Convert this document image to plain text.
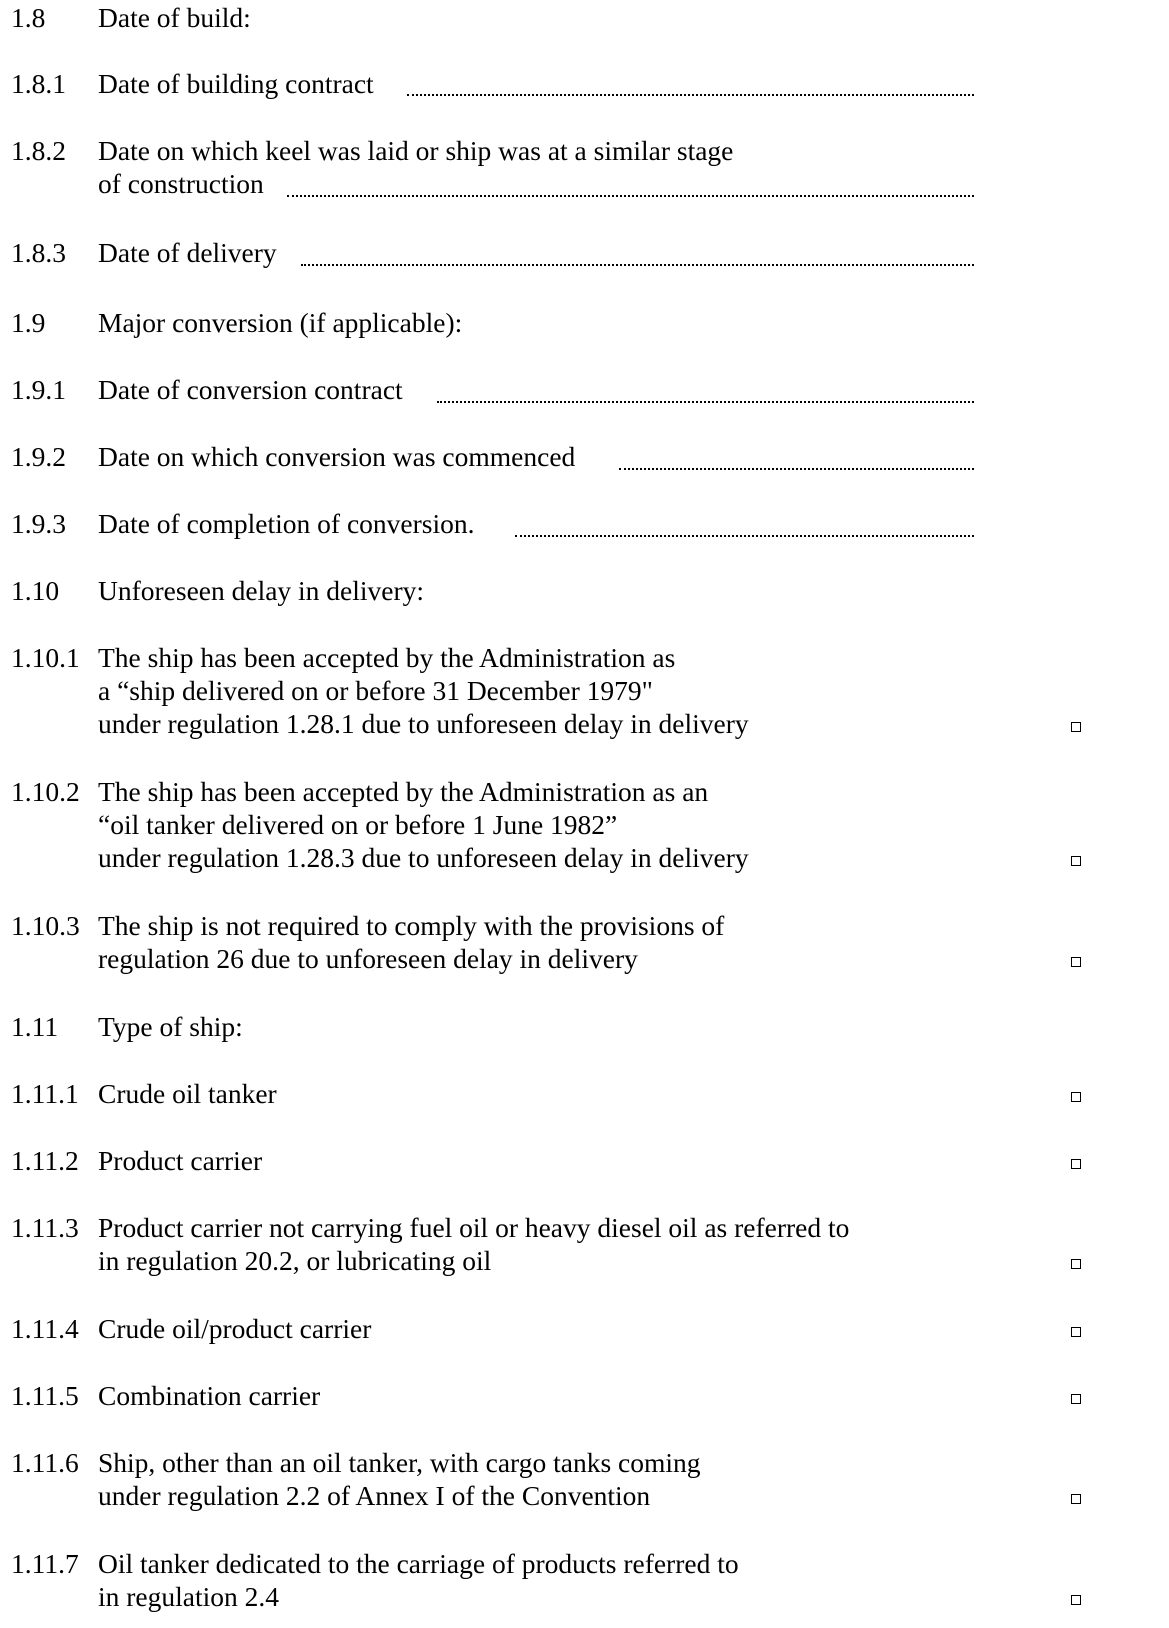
1.8 Date of build:
1.8.1 Date of building contract
1.8.2 Date on which keel was laid or ship was at a similar stage
of construction
1.8.3 Date of delivery
1.9 Major conversion (if applicable):
1.9.1 Date of conversion contract
1.9.2 Date on which conversion was commenced
1.9.3 Date of completion of conversion.
1.10 Unforeseen delay in delivery:
1.10.1 The ship has been accepted by the Administration as
a “ship delivered on or before 31 December 1979"
under regulation 1.28.1 due to unforeseen delay in delivery
1.10.2 The ship has been accepted by the Administration as an
“oil tanker delivered on or before 1 June 1982”
under regulation 1.28.3 due to unforeseen delay in delivery
1.10.3 The ship is not required to comply with the provisions of
regulation 26 due to unforeseen delay in delivery
1.11 Type of ship:
1.11.1 Crude oil tanker
1.11.2 Product carrier
1.11.3 Product carrier not carrying fuel oil or heavy diesel oil as referred to
in regulation 20.2, or lubricating oil
1.11.4 Crude oil/product carrier
1.11.5 Combination carrier
1.11.6 Ship, other than an oil tanker, with cargo tanks coming
under regulation 2.2 of Annex I of the Convention
1.11.7 Oil tanker dedicated to the carriage of products referred to
in regulation 2.4
